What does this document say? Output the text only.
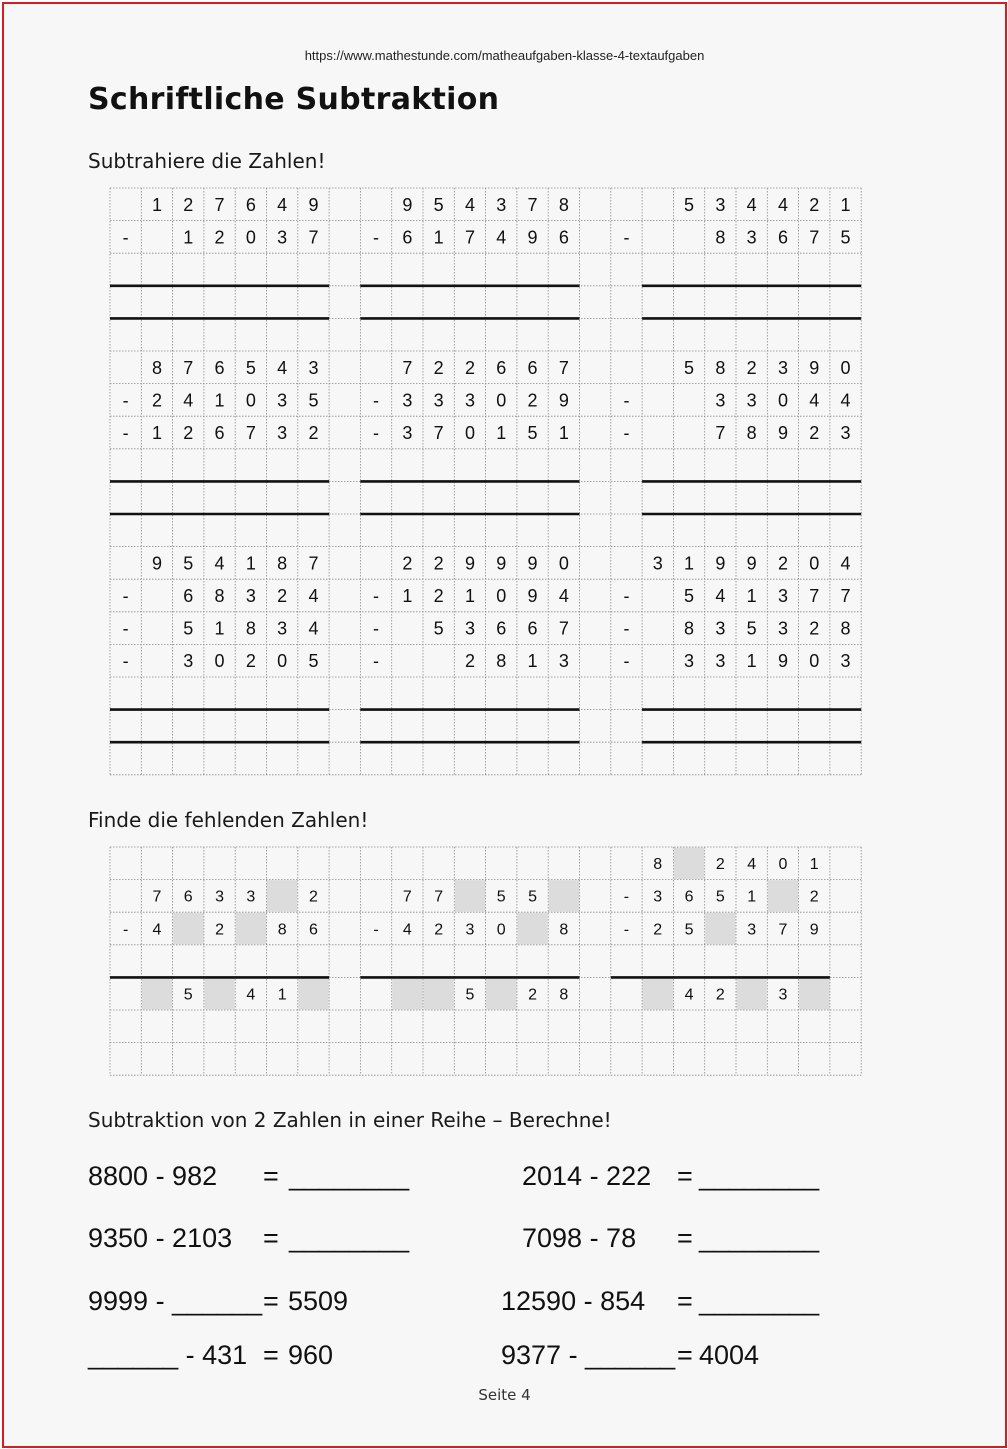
https://www.mathestunde.com/matheaufgaben-klasse-4-textaufgaben
Schriftliche Subtraktion
Subtrahiere die Zahlen!
1 2 7 6 4 9
-	1 2 0 3 7
9 5 4 3 7 8
- 6 1 7 4 9 6
5 3 4 4 2 1
-	8 3 6 7 5
8 7 6 5 4 3
- 2 4 1 0 3 5
- 1 2 6 7 3 2
7 2 2 6 6 7
- 3 3 3 0 2 9
- 3 7 0 1 5 1
5 8 2 3 9 0
-	3 3 0 4 4
-	7 8 9 2 3
9 5 4 1 8 7
-	6 8 3 2 4
-	5 1 8 3 4
-	3 0 2 0 5
2 2 9 9 9 0
- 1 2 1 0 9 4
-	5 3 6 6 7
-	2 8 1 3
3 1 9 9 2 0 4
-	5 4 1 3 7 7
-	8 3 5 3 2 8
-	3 3 1 9 0 3
Finde die fehlenden Zahlen!
7 6 3 3	2
- 4	2	8 6
5	4 1
7 7	5 5
- 4 2 3 0	8
5	2 8
8	2 4 0 1
- 3 6 5 1	2
- 2 5	3 7 9
4 2	3
Subtraktion von 2 Zahlen in einer Reihe – Berechne!
8800 - 982 = ________	2014 - 222 = ________
9350 - 2103 = ________	7098 - 78 = ________
9999 - ______ = 5509	12590 - 854 = ________
______ - 431 = 960	9377 - ______ = 4004
Seite 4
